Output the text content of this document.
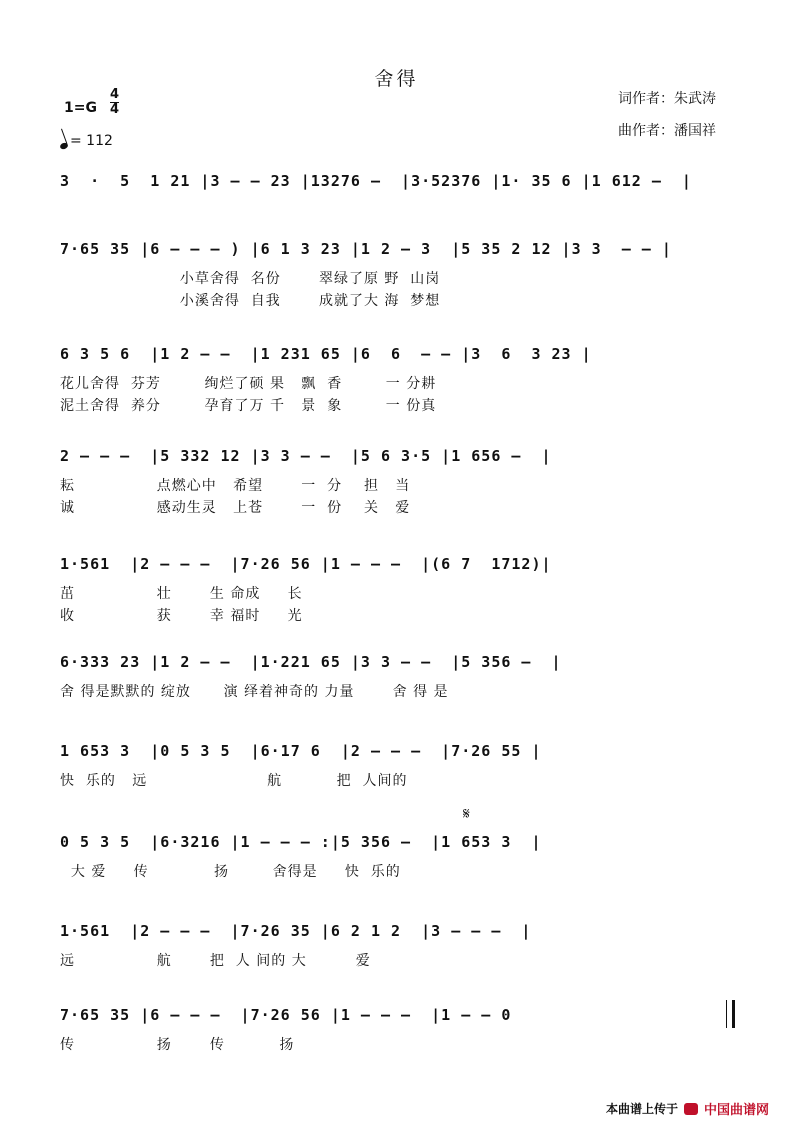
舍得
词作者：朱武涛
曲作者：潘国祥
1=G
4
4
= 112
3  ·  5  1 21 |3 – – 23 |13276 –  |3·52376 |1· 35 6 |1 612 –  |
7·65 35 |6 – – – ) |6 1 3 23 |1 2 – 3  |5 35 2 12 |3 3  – – |
小草舍得  名份       翠绿了原 野  山岗
小溪舍得  自我       成就了大 海  梦想
6 3 5 6  |1 2 – –  |1 231 65 |6  6  – – |3  6  3 23 |
花儿舍得  芬芳        绚烂了硕 果   飘  香        一 分耕
泥土舍得  养分        孕育了万 千   景  象        一 份真
2 – – –  |5 332 12 |3 3 – –  |5 6 3·5 |1 656 –  |
耘               点燃心中   希望       一  分    担   当
诚               感动生灵   上苍       一  份    关   爱
1·561  |2 – – –  |7·26 56 |1 – – –  |(6 7  1712)|
茁               壮       生 命成     长
收               获       幸 福时     光
6·333 23 |1 2 – –  |1·221 65 |3 3 – –  |5 356 –  |
舍 得是默默的 绽放      演 绎着神奇的 力量       舍 得 是
1 653 3  |0 5 3 5  |6·17 6  |2 – – –  |7·26 55 |
快  乐的   远                      航          把  人间的
𝄋
0 5 3 5  |6·3216 |1 – – – :|5 356 –  |1 653 3  |
大 爱     传            扬        舍得是     快  乐的
1·561  |2 – – –  |7·26 35 |6 2 1 2  |3 – – –  |
远               航       把  人 间的 大         爱
7·65 35 |6 – – –  |7·26 56 |1 – – –  |1 – – 0
传               扬       传          扬
本曲谱上传于 中国曲谱网
